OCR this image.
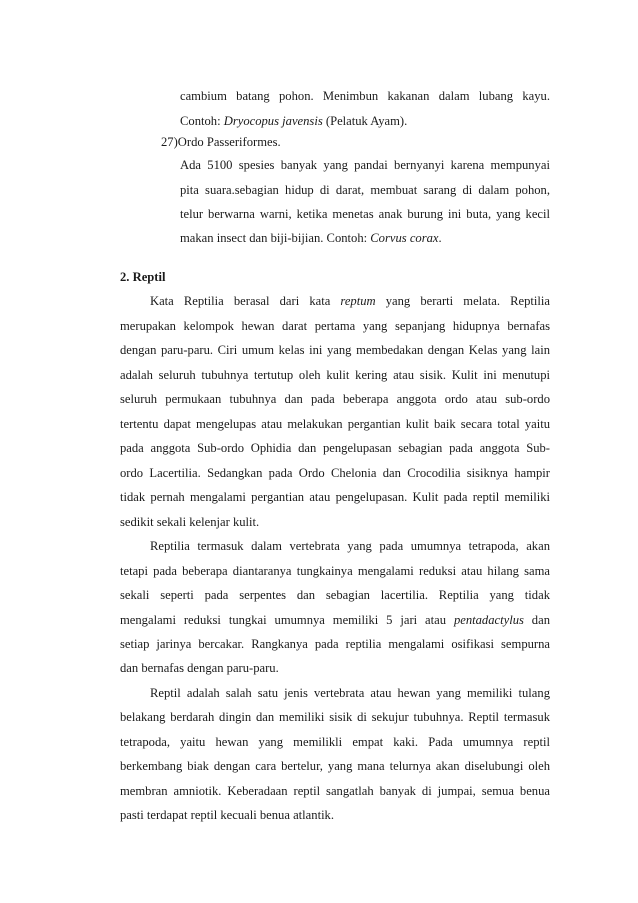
cambium batang pohon. Menimbun kakanan dalam lubang kayu.
Contoh: Dryocopus javensis (Pelatuk Ayam).
27)Ordo Passeriformes.
Ada 5100 spesies banyak yang pandai bernyanyi karena mempunyai
pita suara.sebagian hidup di darat, membuat sarang di dalam pohon,
telur berwarna warni, ketika menetas anak burung ini buta, yang kecil
makan insect dan biji-bijian. Contoh: Corvus corax.
2. Reptil
Kata Reptilia berasal dari kata reptum yang berarti melata. Reptilia
merupakan kelompok hewan darat pertama yang sepanjang hidupnya bernafas
dengan paru-paru. Ciri umum kelas ini yang membedakan dengan Kelas yang lain
adalah seluruh tubuhnya tertutup oleh kulit kering atau sisik. Kulit ini menutupi
seluruh permukaan tubuhnya dan pada beberapa anggota ordo atau sub-ordo
tertentu dapat mengelupas atau melakukan pergantian kulit baik secara total yaitu
pada anggota Sub-ordo Ophidia dan pengelupasan sebagian pada anggota Sub-
ordo Lacertilia. Sedangkan pada Ordo Chelonia dan Crocodilia sisiknya hampir
tidak pernah mengalami pergantian atau pengelupasan. Kulit pada reptil memiliki
sedikit sekali kelenjar kulit.
Reptilia termasuk dalam vertebrata yang pada umumnya tetrapoda, akan
tetapi pada beberapa diantaranya tungkainya mengalami reduksi atau hilang sama
sekali seperti pada serpentes dan sebagian lacertilia. Reptilia yang tidak
mengalami reduksi tungkai umumnya memiliki 5 jari atau pentadactylus dan
setiap jarinya bercakar. Rangkanya pada reptilia mengalami osifikasi sempurna
dan bernafas dengan paru-paru.
Reptil adalah salah satu jenis vertebrata atau hewan yang memiliki tulang
belakang berdarah dingin dan memiliki sisik di sekujur tubuhnya. Reptil termasuk
tetrapoda, yaitu hewan yang memilikli empat kaki. Pada umumnya reptil
berkembang biak dengan cara bertelur, yang mana telurnya akan diselubungi oleh
membran amniotik. Keberadaan reptil sangatlah banyak di jumpai, semua benua
pasti terdapat reptil kecuali benua atlantik.
